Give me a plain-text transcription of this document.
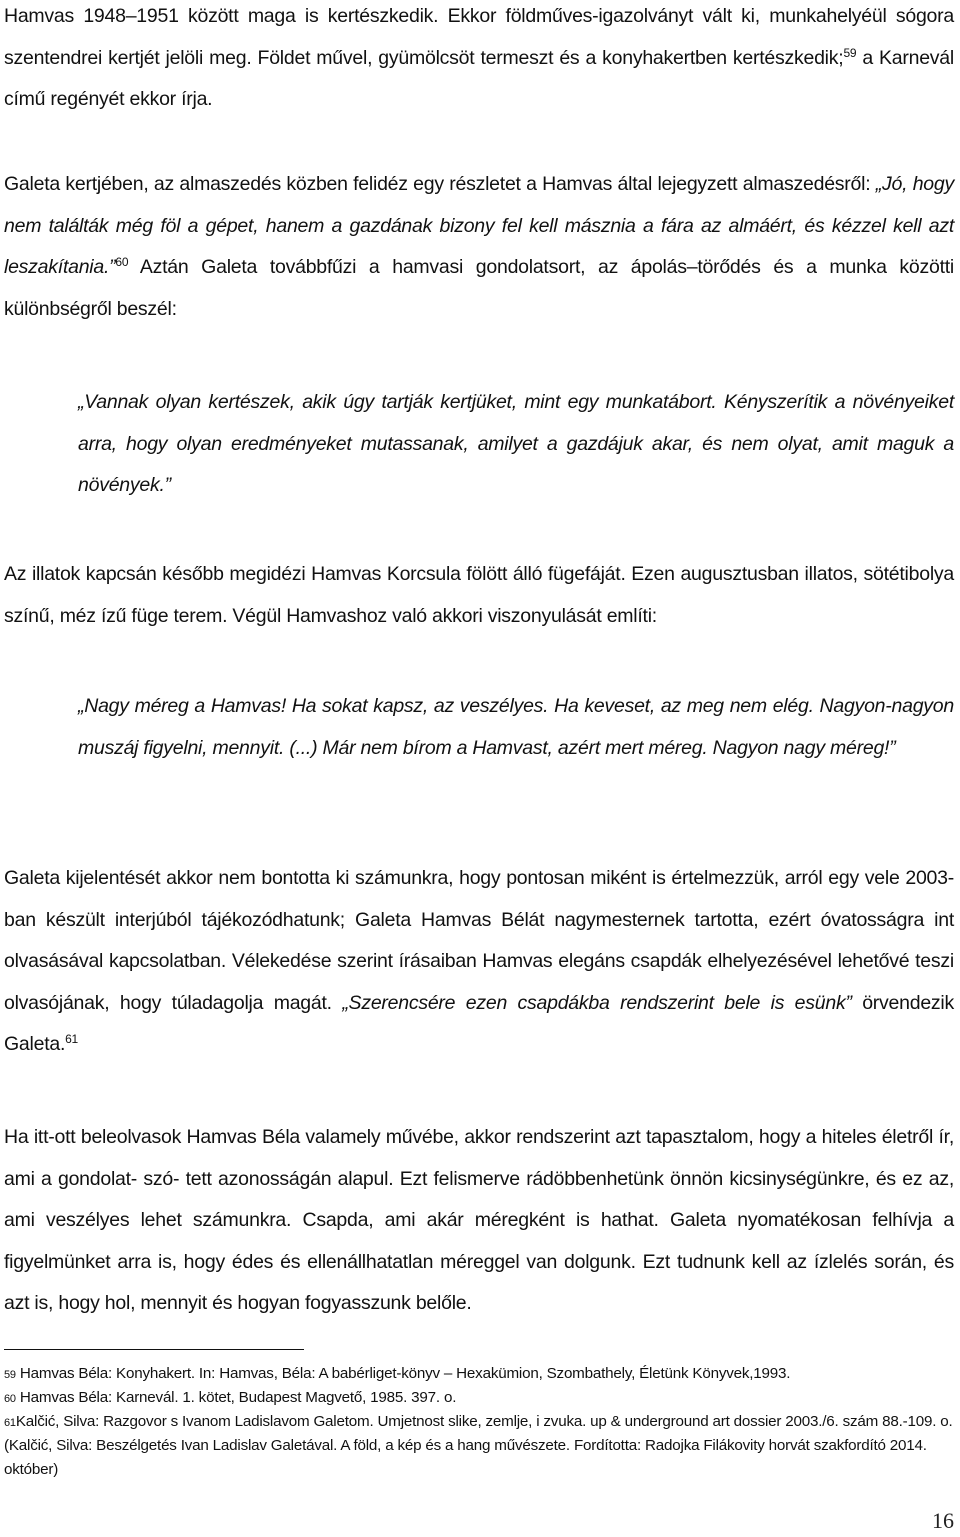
Hamvas 1948–1951 között maga is kertészkedik. Ekkor földműves-igazolványt vált ki, munkahelyéül sógora szentendrei kertjét jelöli meg. Földet művel, gyümölcsöt termeszt és a konyhakertben kertészkedik;$^{59}$ a Karnevál című regényét ekkor írja.

Galeta kertjében, az almaszedés közben felidéz egy részletet a Hamvas által lejegyzett almaszedésről: „Jó, hogy nem találták még föl a gépet, hanem a gazdának bizony fel kell másznia a fára az almáért, és kézzel kell azt leszakítania.”$^{60}$ Aztán Galeta továbbfűzi a hamvasi gondolatsort, az ápolás–törődés és a munka közötti különbségről beszél:

„Vannak olyan kertészek, akik úgy tartják kertjüket, mint egy munkatábort. Kényszerítik a növényeiket arra, hogy olyan eredményeket mutassanak, amilyet a gazdájuk akar, és nem olyat, amit maguk a növények.”

Az illatok kapcsán később megidézi Hamvas Korcsula fölött álló fügefáját. Ezen augusztusban illatos, sötétibolya színű, méz ízű füge terem. Végül Hamvashoz való akkori viszonyulását említi:

„Nagy méreg a Hamvas! Ha sokat kapsz, az veszélyes. Ha keveset, az meg nem elég. Nagyon-nagyon muszáj figyelni, mennyit. (...) Már nem bírom a Hamvast, azért mert méreg. Nagyon nagy méreg!”

Galeta kijelentését akkor nem bontotta ki számunkra, hogy pontosan miként is értelmezzük, arról egy vele 2003-ban készült interjúból tájékozódhatunk; Galeta Hamvas Bélát nagymesternek tartotta, ezért óvatosságra int olvasásával kapcsolatban. Vélekedése szerint írásaiban Hamvas elegáns csapdák elhelyezésével lehetővé teszi olvasójának, hogy túladagolja magát. „Szerencsére ezen csapdákba rendszerint bele is esünk” örvendezik Galeta.$^{61}$

Ha itt-ott beleolvasok Hamvas Béla valamely művébe, akkor rendszerint azt tapasztalom, hogy a hiteles életről ír, ami a gondolat- szó- tett azonosságán alapul. Ezt felismerve rádöbbenhetünk önnön kicsinységünkre, és ez az, ami veszélyes lehet számunkra. Csapda, ami akár méregként is hathat. Galeta nyomatékosan felhívja a figyelmünket arra is, hogy édes és ellenállhatatlan méreggel van dolgunk. Ezt tudnunk kell az ízlelés során, és azt is, hogy hol, mennyit és hogyan fogyasszunk belőle.

59 Hamvas Béla: Konyhakert. In: Hamvas, Béla: A babérliget-könyv – Hexakümion, Szombathely, Életünk Könyvek,1993.

60 Hamvas Béla: Karnevál. 1. kötet, Budapest Magvető, 1985. 397. o.

61Kalčić, Silva: Razgovor s Ivanom Ladislavom Galetom. Umjetnost slike, zemlje, i zvuka. up & underground art dossier 2003./6. szám 88.-109. o. (Kalčić, Silva: Beszélgetés Ivan Ladislav Galetával. A föld, a kép és a hang művészete. Fordította: Radojka Filákovity horvát szakfordító 2014. október)

16
